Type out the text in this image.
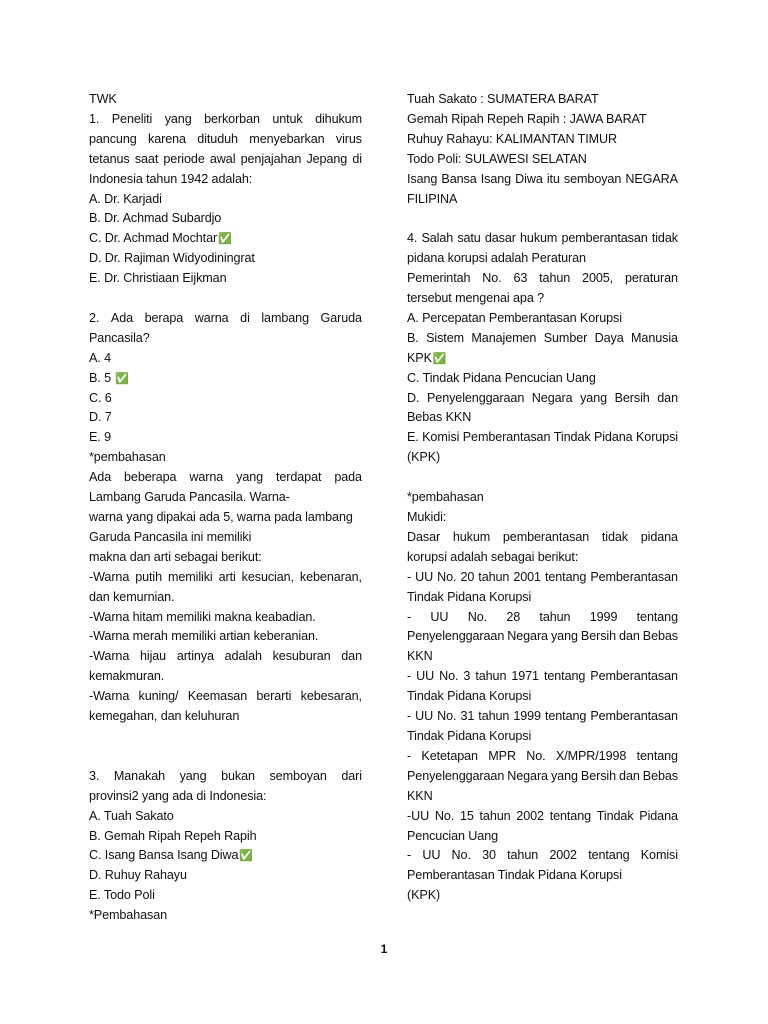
TWK
1. Peneliti yang berkorban untuk dihukum
pancung karena dituduh menyebarkan virus
tetanus saat periode awal penjajahan Jepang di
Indonesia tahun 1942 adalah:
A. Dr. Karjadi
B. Dr. Achmad Subardjo
C. Dr. Achmad Mochtar✅
D. Dr. Rajiman Widyodiningrat
E. Dr. Christiaan Eijkman
2. Ada berapa warna di lambang Garuda
Pancasila?
A. 4
B. 5 ✅
C. 6
D. 7
E. 9
*pembahasan
Ada beberapa warna yang terdapat pada
Lambang Garuda Pancasila. Warna-
warna yang dipakai ada 5, warna pada lambang
Garuda Pancasila ini memiliki
makna dan arti sebagai berikut:
-Warna putih memiliki arti kesucian, kebenaran,
dan kemurnian.
-Warna hitam memiliki makna keabadian.
-Warna merah memiliki artian keberanian.
-Warna hijau artinya adalah kesuburan dan
kemakmuran.
-Warna kuning/ Keemasan berarti kebesaran,
kemegahan, dan keluhuran
3. Manakah yang bukan semboyan dari
provinsi2 yang ada di Indonesia:
A. Tuah Sakato
B. Gemah Ripah Repeh Rapih
C. Isang Bansa Isang Diwa✅
D. Ruhuy Rahayu
E. Todo Poli
*Pembahasan
Tuah Sakato : SUMATERA BARAT
Gemah Ripah Repeh Rapih : JAWA BARAT
Ruhuy Rahayu: KALIMANTAN TIMUR
Todo Poli: SULAWESI SELATAN
Isang Bansa Isang Diwa itu semboyan NEGARA
FILIPINA
4. Salah satu dasar hukum pemberantasan tidak
pidana korupsi adalah Peraturan
Pemerintah No. 63 tahun 2005, peraturan
tersebut mengenai apa ?
A. Percepatan Pemberantasan Korupsi
B. Sistem Manajemen Sumber Daya Manusia
KPK✅
C. Tindak Pidana Pencucian Uang
D. Penyelenggaraan Negara yang Bersih dan
Bebas KKN
E. Komisi Pemberantasan Tindak Pidana Korupsi
(KPK)
*pembahasan
Mukidi:
Dasar hukum pemberantasan tidak pidana
korupsi adalah sebagai berikut:
- UU No. 20 tahun 2001 tentang Pemberantasan
Tindak Pidana Korupsi
- UU No. 28 tahun 1999 tentang
Penyelenggaraan Negara yang Bersih dan Bebas
KKN
- UU No. 3 tahun 1971 tentang Pemberantasan
Tindak Pidana Korupsi
- UU No. 31 tahun 1999 tentang Pemberantasan
Tindak Pidana Korupsi
- Ketetapan MPR No. X/MPR/1998 tentang
Penyelenggaraan Negara yang Bersih dan Bebas
KKN
-UU No. 15 tahun 2002 tentang Tindak Pidana
Pencucian Uang
- UU No. 30 tahun 2002 tentang Komisi
Pemberantasan Tindak Pidana Korupsi
(KPK)
1
